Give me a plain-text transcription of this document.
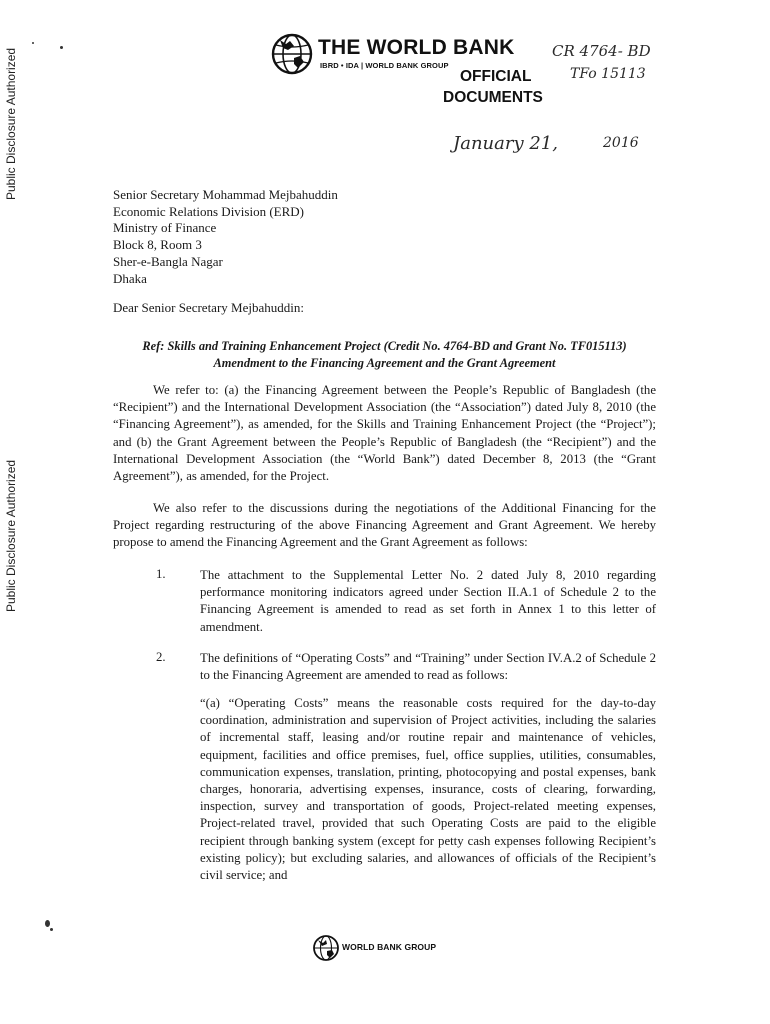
Public Disclosure Authorized
Public Disclosure Authorized
THE WORLD BANK
IBRD • IDA | WORLD BANK GROUP
OFFICIAL
DOCUMENTS
CR 4764- BD
TFo 15113
January 21,	2016
Senior Secretary Mohammad Mejbahuddin
Economic Relations Division (ERD)
Ministry of Finance
Block 8, Room 3
Sher-e-Bangla Nagar
Dhaka
Dear Senior Secretary Mejbahuddin:
Ref: Skills and Training Enhancement Project (Credit No. 4764-BD and Grant No. TF015113)
Amendment to the Financing Agreement and the Grant Agreement
We refer to: (a) the Financing Agreement between the People’s Republic of Bangladesh (the “Recipient”) and the International Development Association (the “Association”) dated July 8, 2010 (the “Financing Agreement”), as amended, for the Skills and Training Enhancement Project (the “Project”); and (b) the Grant Agreement between the People’s Republic of Bangladesh (the “Recipient”) and the International Development Association (the “World Bank”) dated December 8, 2013 (the “Grant Agreement”), as amended, for the Project.
We also refer to the discussions during the negotiations of the Additional Financing for the Project regarding restructuring of the above Financing Agreement and Grant Agreement. We hereby propose to amend the Financing Agreement and the Grant Agreement as follows:
1.	The attachment to the Supplemental Letter No. 2 dated July 8, 2010 regarding performance monitoring indicators agreed under Section II.A.1 of Schedule 2 to the Financing Agreement is amended to read as set forth in Annex 1 to this letter of amendment.
2.	The definitions of “Operating Costs” and “Training” under Section IV.A.2 of Schedule 2 to the Financing Agreement are amended to read as follows:
“(a) “Operating Costs” means the reasonable costs required for the day-to-day coordination, administration and supervision of Project activities, including the salaries of incremental staff, leasing and/or routine repair and maintenance of vehicles, equipment, facilities and office premises, fuel, office supplies, utilities, consumables, communication expenses, translation, printing, photocopying and postal expenses, bank charges, honoraria, advertising expenses, insurance, costs of clearing, forwarding, inspection, survey and transportation of goods, Project-related meeting expenses, Project-related travel, provided that such Operating Costs are paid to the eligible recipient through banking system (except for petty cash expenses following Recipient’s existing policy); but excluding salaries, and allowances of officials of the Recipient’s civil service; and
WORLD BANK GROUP
